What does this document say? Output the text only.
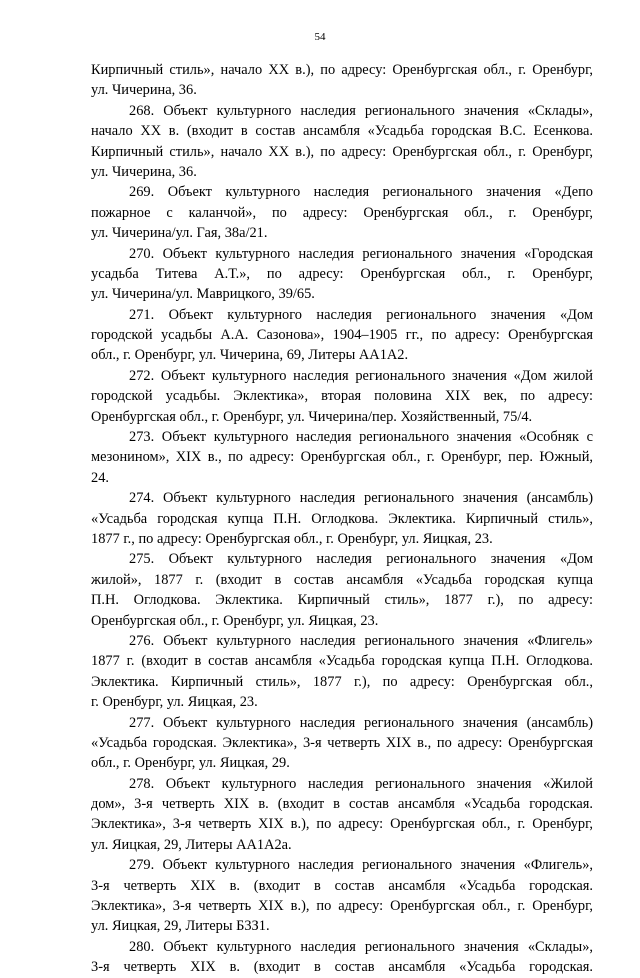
54
Кирпичный стиль», начало XX в.), по адресу: Оренбургская обл., г. Оренбург,
ул. Чичерина, 36.
268. Объект культурного наследия регионального значения «Склады»,
начало XX в. (входит в состав ансамбля «Усадьба городская В.С. Есенкова.
Кирпичный стиль», начало XX в.), по адресу: Оренбургская обл., г. Оренбург,
ул. Чичерина, 36.
269. Объект культурного наследия регионального значения «Депо
пожарное с каланчой», по адресу: Оренбургская обл., г. Оренбург,
ул. Чичерина/ул. Гая, 38а/21.
270. Объект культурного наследия регионального значения «Городская
усадьба Титева А.Т.», по адресу: Оренбургская обл., г. Оренбург,
ул. Чичерина/ул. Маврицкого, 39/65.
271. Объект культурного наследия регионального значения «Дом
городской усадьбы А.А. Сазонова», 1904–1905 гг., по адресу: Оренбургская
обл., г. Оренбург, ул. Чичерина, 69, Литеры АА1А2.
272. Объект культурного наследия регионального значения «Дом жилой
городской усадьбы. Эклектика», вторая половина XIX век, по адресу:
Оренбургская обл., г. Оренбург, ул. Чичерина/пер. Хозяйственный, 75/4.
273. Объект культурного наследия регионального значения «Особняк с
мезонином», XIX в., по адресу: Оренбургская обл., г. Оренбург, пер. Южный,
24.
274. Объект культурного наследия регионального значения (ансамбль)
«Усадьба городская купца П.Н. Оглодкова. Эклектика. Кирпичный стиль»,
1877 г., по адресу: Оренбургская обл., г. Оренбург, ул. Яицкая, 23.
275. Объект культурного наследия регионального значения «Дом
жилой», 1877 г. (входит в состав ансамбля «Усадьба городская купца
П.Н. Оглодкова. Эклектика. Кирпичный стиль», 1877 г.), по адресу:
Оренбургская обл., г. Оренбург, ул. Яицкая, 23.
276. Объект культурного наследия регионального значения «Флигель»
1877 г. (входит в состав ансамбля «Усадьба городская купца П.Н. Оглодкова.
Эклектика. Кирпичный стиль», 1877 г.), по адресу: Оренбургская обл.,
г. Оренбург, ул. Яицкая, 23.
277. Объект культурного наследия регионального значения (ансамбль)
«Усадьба городская. Эклектика», 3-я четверть XIX в., по адресу: Оренбургская
обл., г. Оренбург, ул. Яицкая, 29.
278. Объект культурного наследия регионального значения «Жилой
дом», 3-я четверть XIX в. (входит в состав ансамбля «Усадьба городская.
Эклектика», 3-я четверть XIX в.), по адресу: Оренбургская обл., г. Оренбург,
ул. Яицкая, 29, Литеры АА1А2а.
279. Объект культурного наследия регионального значения «Флигель»,
3-я четверть XIX в. (входит в состав ансамбля «Усадьба городская.
Эклектика», 3-я четверть XIX в.), по адресу: Оренбургская обл., г. Оренбург,
ул. Яицкая, 29, Литеры Б3З1.
280. Объект культурного наследия регионального значения «Склады»,
3-я четверть XIX в. (входит в состав ансамбля «Усадьба городская.
